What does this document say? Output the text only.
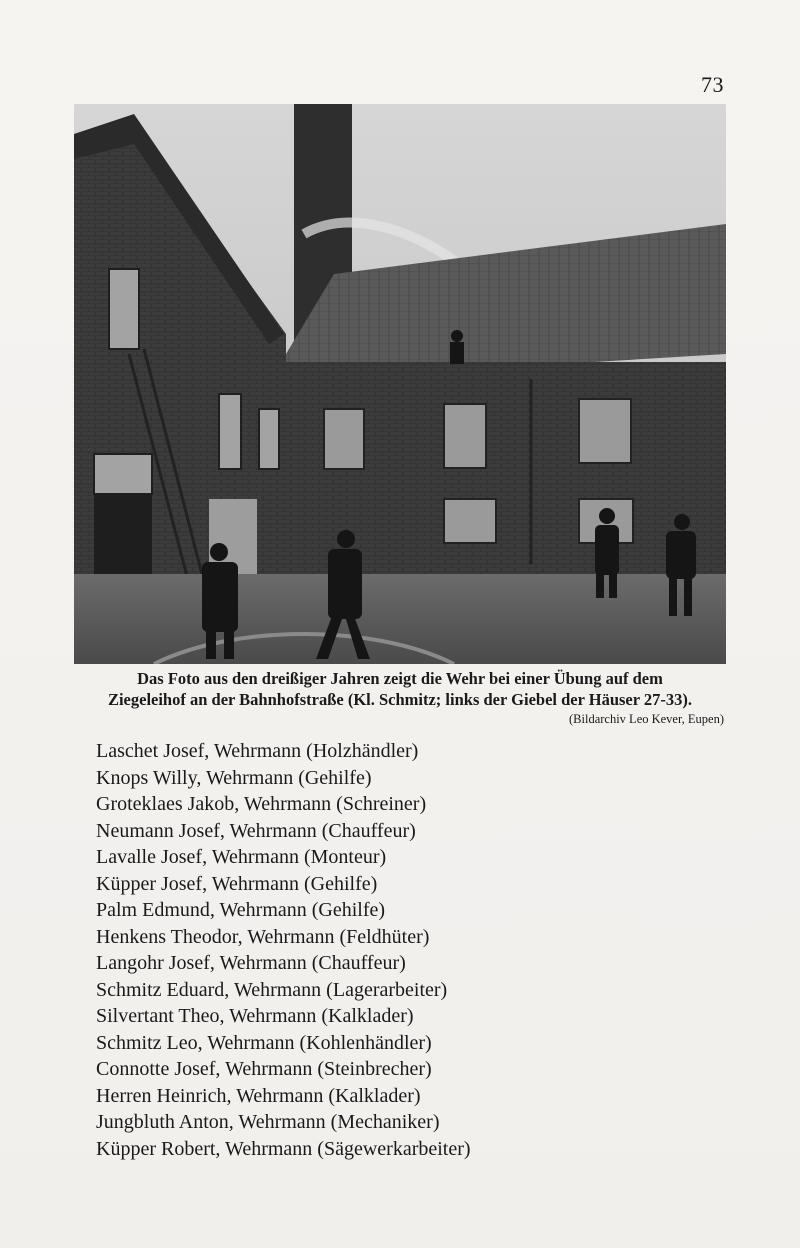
73
Das Foto aus den dreißiger Jahren zeigt die Wehr bei einer Übung auf dem
Ziegeleihof an der Bahnhofstraße (Kl. Schmitz; links der Giebel der Häuser 27-33).
(Bildarchiv Leo Kever, Eupen)
Laschet Josef, Wehrmann (Holzhändler)
Knops Willy, Wehrmann (Gehilfe)
Groteklaes Jakob, Wehrmann (Schreiner)
Neumann Josef, Wehrmann (Chauffeur)
Lavalle Josef, Wehrmann (Monteur)
Küpper Josef, Wehrmann (Gehilfe)
Palm Edmund, Wehrmann (Gehilfe)
Henkens Theodor, Wehrmann (Feldhüter)
Langohr Josef, Wehrmann (Chauffeur)
Schmitz Eduard, Wehrmann (Lagerarbeiter)
Silvertant Theo, Wehrmann (Kalklader)
Schmitz Leo, Wehrmann (Kohlenhändler)
Connotte Josef, Wehrmann (Steinbrecher)
Herren Heinrich, Wehrmann (Kalklader)
Jungbluth Anton, Wehrmann (Mechaniker)
Küpper Robert, Wehrmann (Sägewerkarbeiter)
